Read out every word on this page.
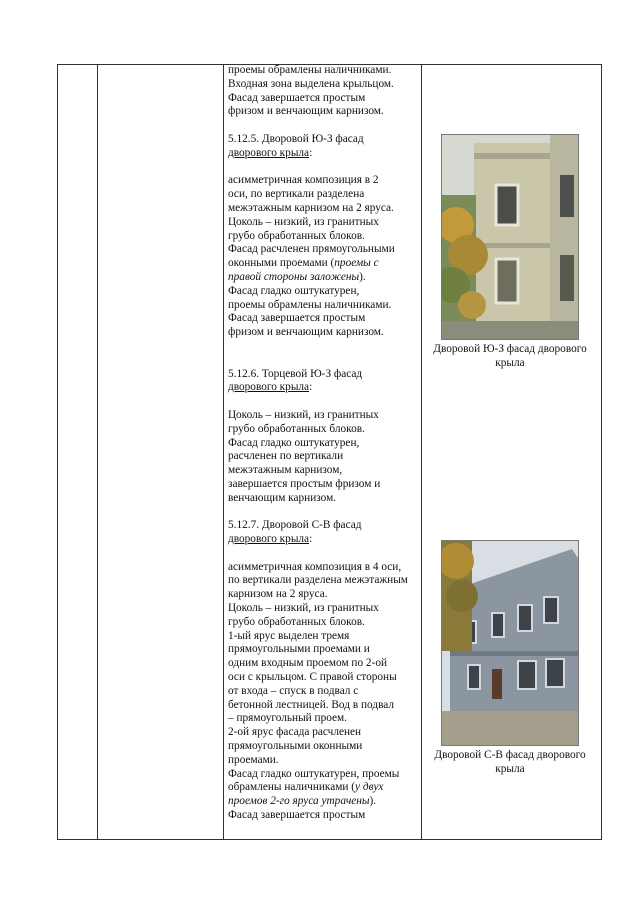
проемы обрамлены наличниками.

Входная зона выделена крыльцом.

Фасад завершается простым

фризом и венчающим карнизом.

5.12.5. Дворовой Ю-З фасад

дворового крыла:

асимметричная композиция в 2

оси, по вертикали разделена

межэтажным карнизом на 2 яруса.

Цоколь – низкий, из гранитных

грубо обработанных блоков.

Фасад расчленен прямоугольными

оконными проемами (проемы с

правой стороны заложены).

Фасад гладко оштукатурен,

проемы обрамлены наличниками.

Фасад завершается простым

фризом и венчающим карнизом.

5.12.6. Торцевой Ю-З фасад

дворового крыла:

Цоколь – низкий, из гранитных

грубо обработанных блоков.

Фасад гладко оштукатурен,

расчленен по вертикали

межэтажным карнизом,

завершается простым фризом и

венчающим карнизом.

5.12.7. Дворовой С-В фасад

дворового крыла:

асимметричная композиция в 4 оси,

по вертикали разделена межэтажным

карнизом на 2 яруса.

Цоколь – низкий, из гранитных

грубо обработанных блоков.

1-ый ярус выделен тремя

прямоугольными проемами и

одним входным проемом по 2-ой

оси с крыльцом. С правой стороны

от входа – спуск в подвал с

бетонной лестницей. Вод в подвал

– прямоугольный проем.

2-ой ярус фасада расчленен

прямоугольными оконными

проемами.

Фасад гладко оштукатурен, проемы

обрамлены наличниками (у двух

проемов 2-го яруса утрачены).

Фасад завершается простым

Дворовой Ю-З фасад дворового
крыла
Дворовой С-В фасад дворового
крыла
